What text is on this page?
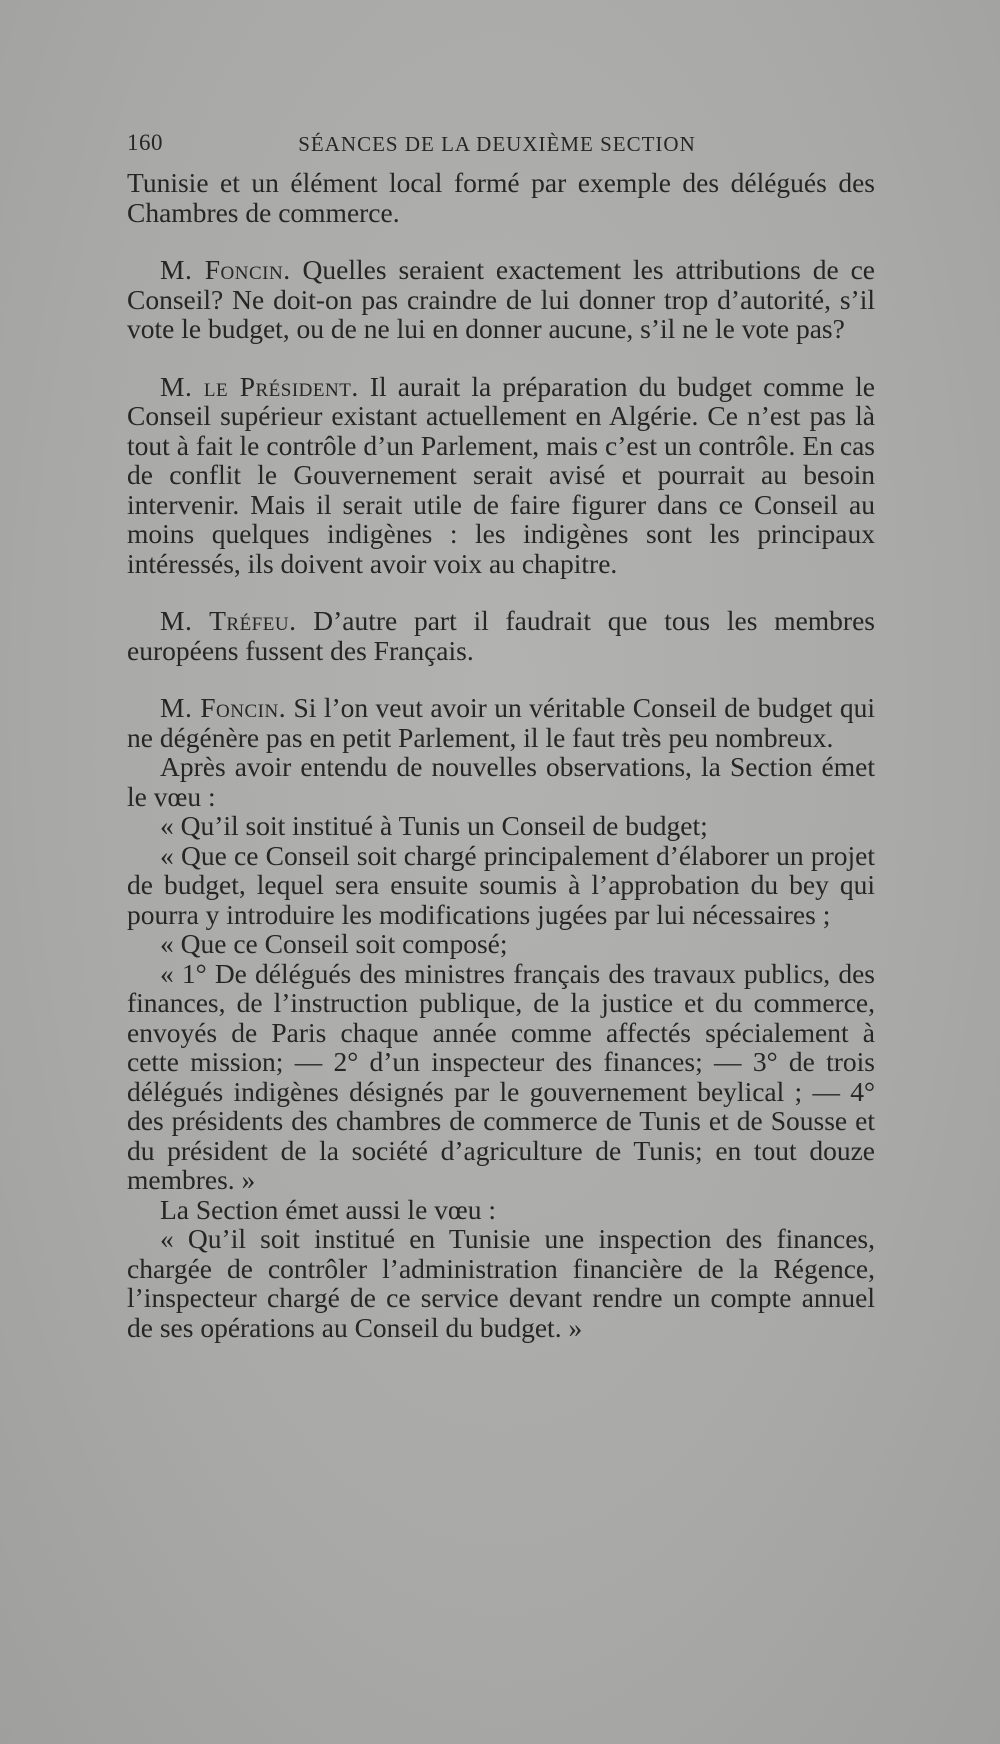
160	SÉANCES DE LA DEUXIÈME SECTION

Tunisie et un élément local formé par exemple des délégués des Chambres de commerce.

M. Foncin. Quelles seraient exactement les attributions de ce Conseil? Ne doit-on pas craindre de lui donner trop d’autorité, s’il vote le budget, ou de ne lui en donner aucune, s’il ne le vote pas?

M. le Président. Il aurait la préparation du budget comme le Conseil supérieur existant actuellement en Algérie. Ce n’est pas là tout à fait le contrôle d’un Parlement, mais c’est un contrôle. En cas de conflit le Gouvernement serait avisé et pourrait au besoin intervenir. Mais il serait utile de faire figurer dans ce Conseil au moins quelques indigènes : les indigènes sont les principaux intéressés, ils doivent avoir voix au chapitre.

M. Tréfeu. D’autre part il faudrait que tous les membres européens fussent des Français.

M. Foncin. Si l’on veut avoir un véritable Conseil de budget qui ne dégénère pas en petit Parlement, il le faut très peu nombreux.

Après avoir entendu de nouvelles observations, la Section émet le vœu :

« Qu’il soit institué à Tunis un Conseil de budget;

« Que ce Conseil soit chargé principalement d’élaborer un projet de budget, lequel sera ensuite soumis à l’approbation du bey qui pourra y introduire les modifications jugées par lui nécessaires ;

« Que ce Conseil soit composé;

« 1° De délégués des ministres français des travaux publics, des finances, de l’instruction publique, de la justice et du commerce, envoyés de Paris chaque année comme affectés spécialement à cette mission; — 2° d’un inspecteur des finances; — 3° de trois délégués indigènes désignés par le gouvernement beylical ; — 4° des présidents des chambres de commerce de Tunis et de Sousse et du président de la société d’agriculture de Tunis; en tout douze membres. »

La Section émet aussi le vœu :

« Qu’il soit institué en Tunisie une inspection des finances, chargée de contrôler l’administration financière de la Régence, l’inspecteur chargé de ce service devant rendre un compte annuel de ses opérations au Conseil du budget. »
